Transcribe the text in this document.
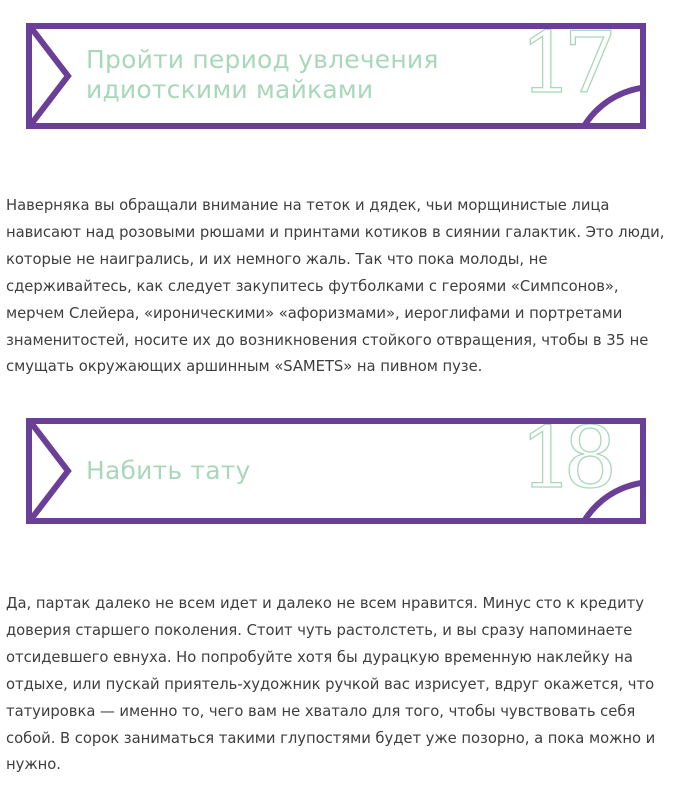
17
Пройти период увлечения
идиотскими майками

Наверняка вы обращали внимание на теток и дядек, чьи морщинистые лица нависают над розовыми рюшами и принтами котиков в сиянии галактик. Это люди, которые не наигрались, и их немного жаль. Так что пока молоды, не сдерживайтесь, как следует закупитесь футболками с героями «Симпсонов», мерчем Слейера, «ироническими» «афоризмами», иероглифами и портретами знаменитостей, носите их до возникновения стойкого отвращения, чтобы в 35 не смущать окружающих аршинным «SAMETS» на пивном пузе.

18
Набить тату

Да, партак далеко не всем идет и далеко не всем нравится. Минус сто к кредиту доверия старшего поколения. Стоит чуть растолстеть, и вы сразу напоминаете отсидевшего евнуха. Но попробуйте хотя бы дурацкую временную наклейку на отдыхе, или пускай приятель-художник ручкой вас изрисует, вдруг окажется, что татуировка — именно то, чего вам не хватало для того, чтобы чувствовать себя собой. В сорок заниматься такими глупостями будет уже позорно, а пока можно и нужно.
